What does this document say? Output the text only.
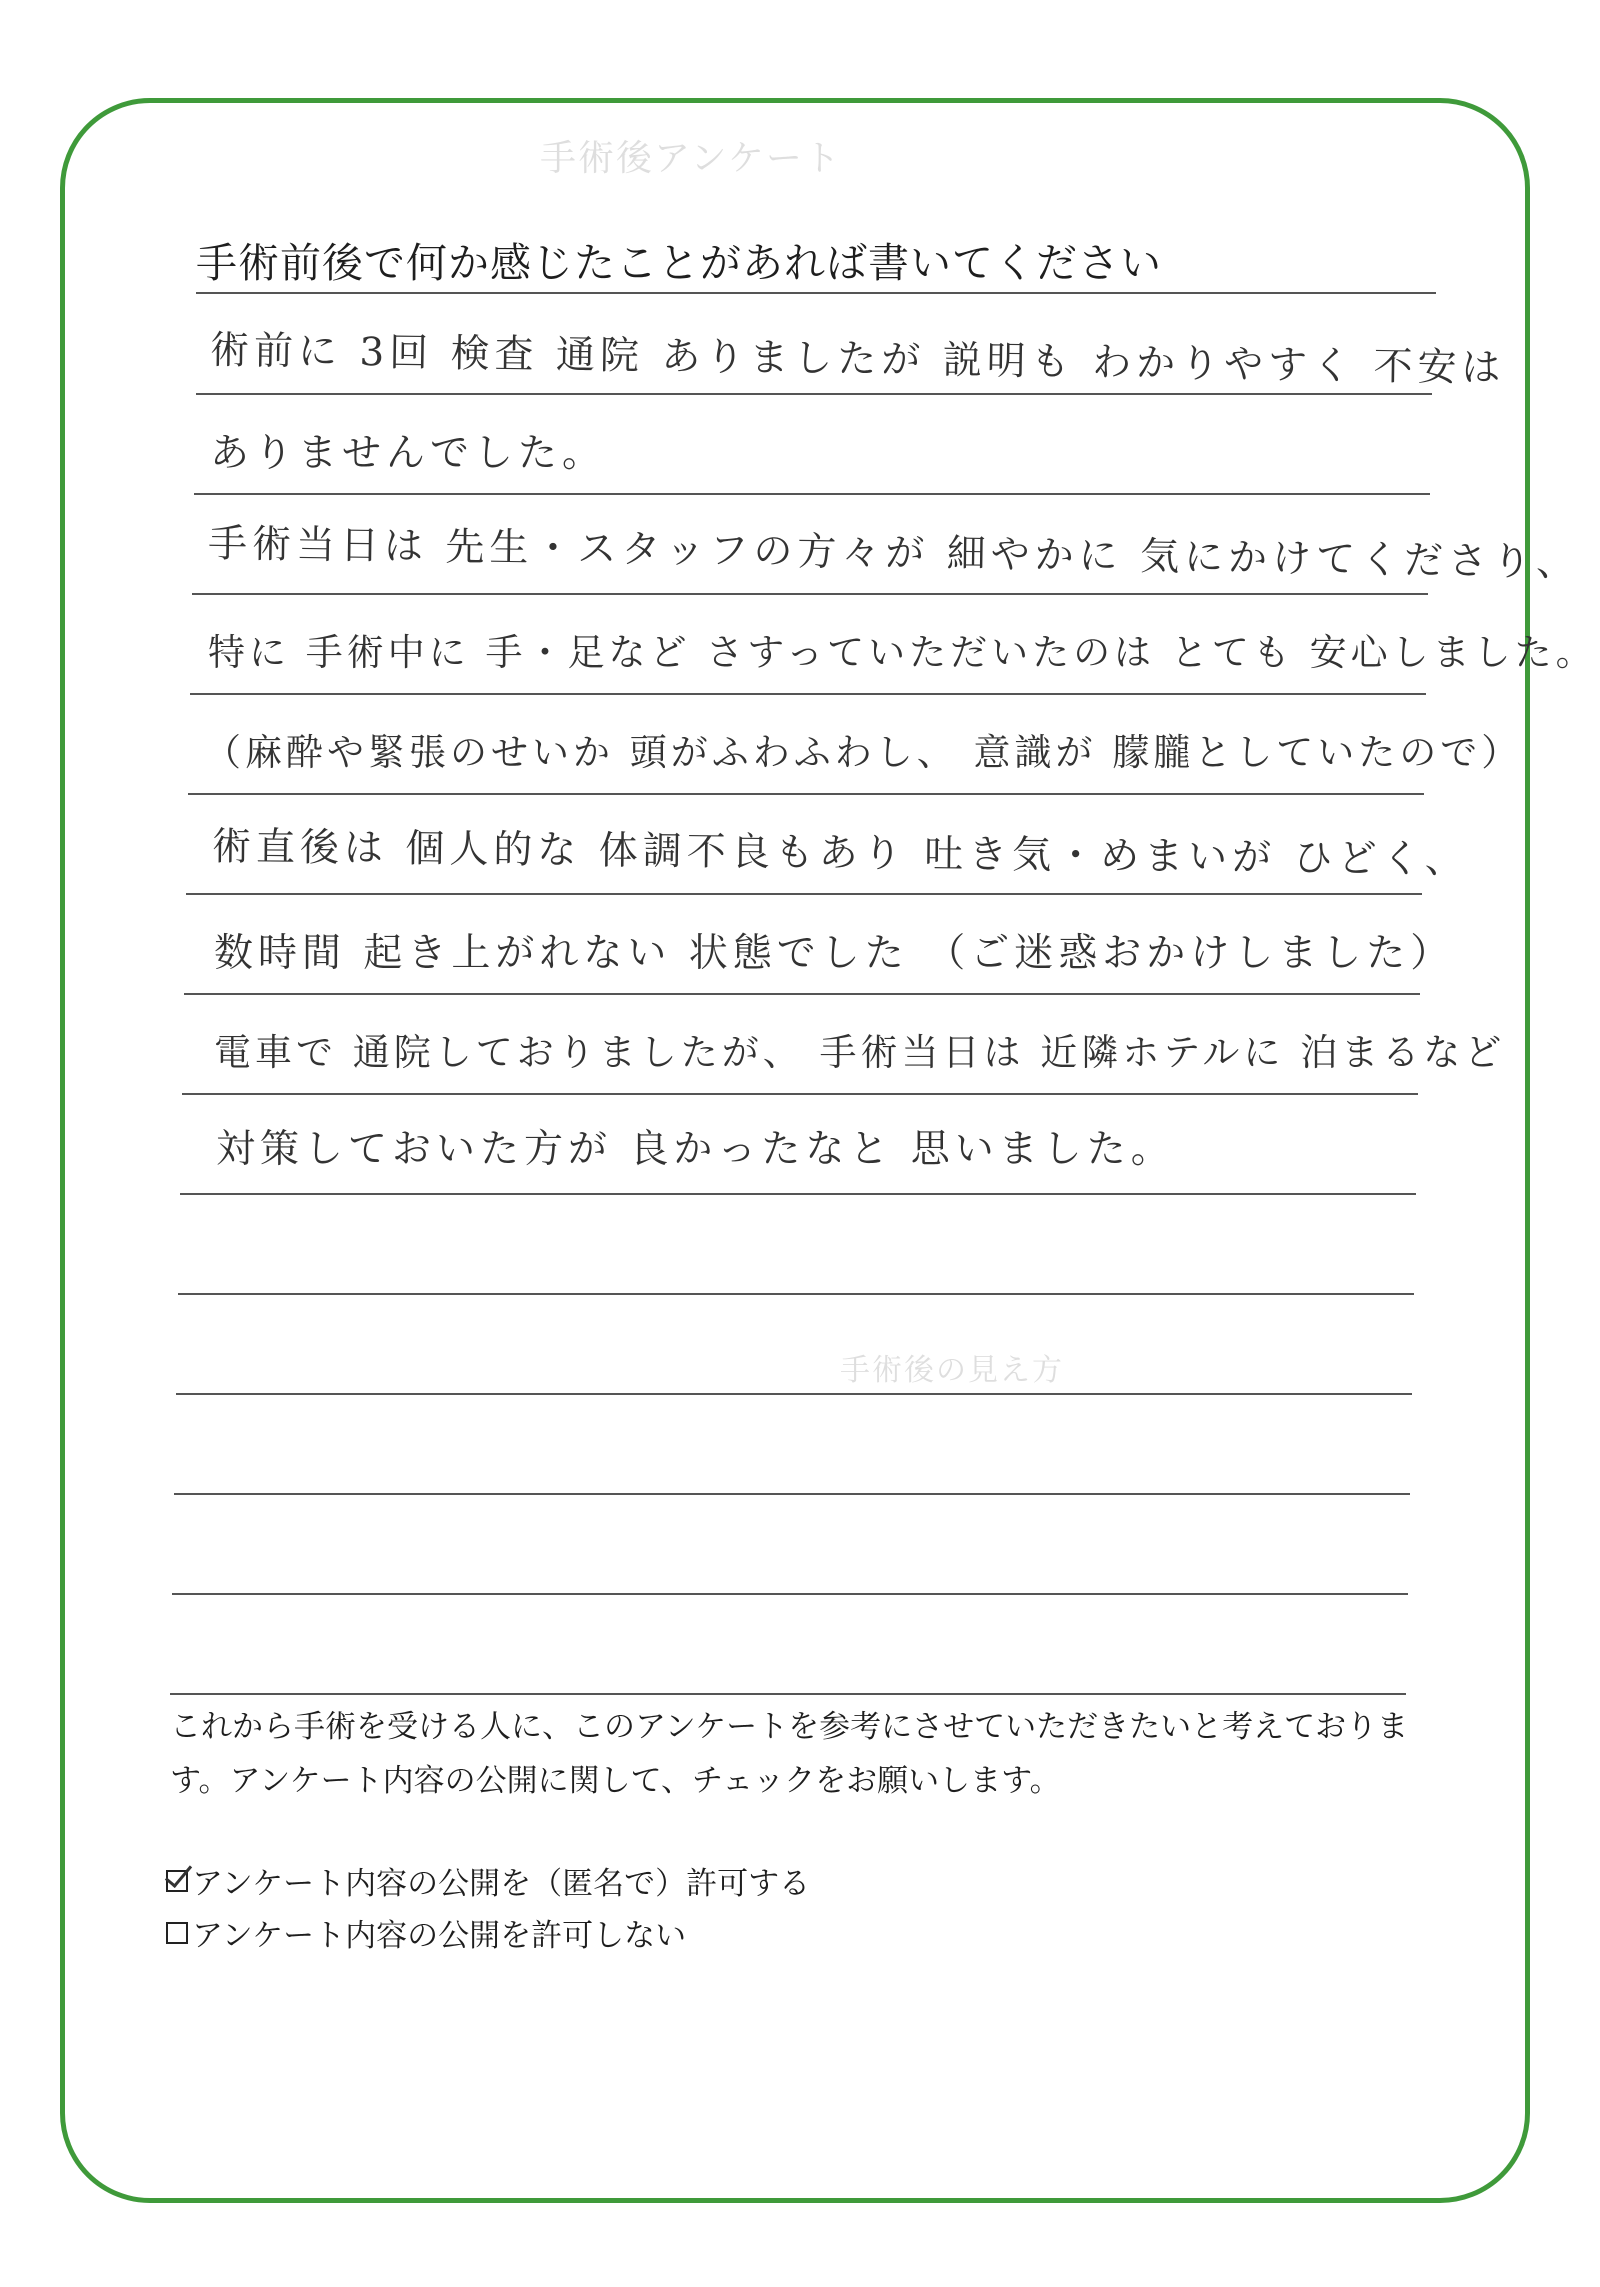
手術後アンケート
手術後の見え方
手術前後で何か感じたことがあれば書いてください
術前に 3回 検査 通院 ありましたが 説明も わかりやすく 不安は
ありませんでした。
手術当日は 先生・スタッフの方々が 細やかに 気にかけてくださり、
特に 手術中に 手・足など さすっていただいたのは とても 安心しました。
（麻酔や緊張のせいか 頭がふわふわし、 意識が 朦朧としていたので）
術直後は 個人的な 体調不良もあり 吐き気・めまいが ひどく、
数時間 起き上がれない 状態でした （ご迷惑おかけしました）
電車で 通院しておりましたが、 手術当日は 近隣ホテルに 泊まるなど
対策しておいた方が 良かったなと 思いました。

これから手術を受ける人に、このアンケートを参考にさせていただきたいと考えております。アンケート内容の公開に関して、チェックをお願いします。

アンケート内容の公開を（匿名で）許可する
アンケート内容の公開を許可しない
